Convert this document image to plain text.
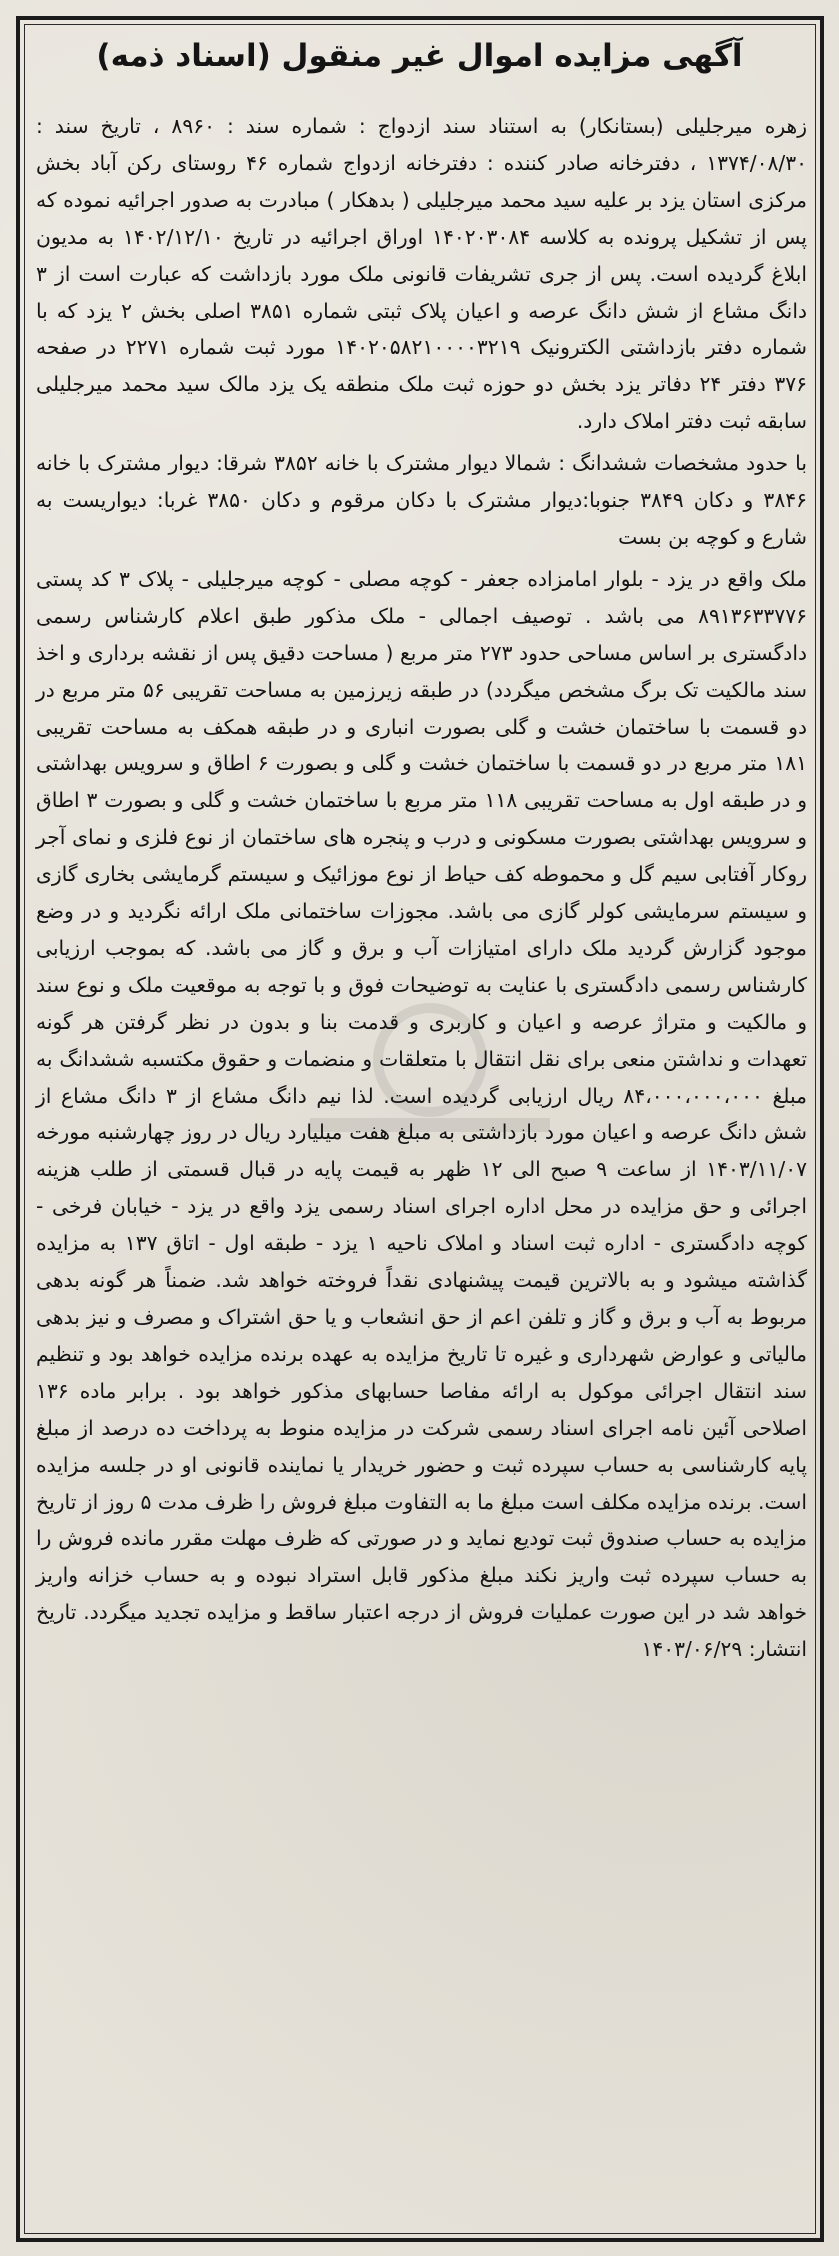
آگهی مزایده اموال غیر منقول (اسناد ذمه)

زهره میرجلیلی (بستانکار) به استناد سند ازدواج : شماره سند : ۸۹۶۰ ، تاریخ سند : ۱۳۷۴/۰۸/۳۰ ، دفترخانه صادر کننده : دفترخانه ازدواج شماره ۴۶ روستای رکن آباد بخش مرکزی استان یزد بر علیه سید محمد میرجلیلی ( بدهکار ) مبادرت به صدور اجرائیه نموده که پس از تشکیل پرونده به کلاسه ۱۴۰۲۰۳۰۸۴ اوراق اجرائیه در تاریخ ۱۴۰۲/۱۲/۱۰ به مدیون ابلاغ گردیده است. پس از جری تشریفات قانونی ملک مورد بازداشت که عبارت است از ۳ دانگ مشاع از شش دانگ عرصه و اعیان پلاک ثبتی شماره ۳۸۵۱ اصلی بخش ۲ یزد که با شماره دفتر بازداشتی الکترونیک ۱۴۰۲۰۵۸۲۱۰۰۰۰۳۲۱۹ مورد ثبت شماره ۲۲۷۱ در صفحه ۳۷۶ دفتر ۲۴ دفاتر یزد بخش دو حوزه ثبت ملک منطقه یک یزد مالک سید محمد میرجلیلی سابقه ثبت دفتر املاک دارد.

با حدود مشخصات ششدانگ : شمالا دیوار مشترک با خانه ۳۸۵۲ شرقا: دیوار مشترک با خانه ۳۸۴۶ و دکان ۳۸۴۹ جنوبا:دیوار مشترک با دکان مرقوم و دکان ۳۸۵۰ غربا: دیواریست به شارع و کوچه بن بست

ملک واقع در یزد - بلوار امامزاده جعفر - کوچه مصلی - کوچه میرجلیلی - پلاک ۳ کد پستی ۸۹۱۳۶۳۳۷۷۶ می باشد . توصیف اجمالی - ملک مذکور طبق اعلام کارشناس رسمی دادگستری بر اساس مساحی حدود ۲۷۳ متر مربع ( مساحت دقیق پس از نقشه برداری و اخذ سند مالکیت تک برگ مشخص میگردد) در طبقه زیرزمین به مساحت تقریبی ۵۶ متر مربع در دو قسمت با ساختمان خشت و گلی بصورت انباری و در طبقه همکف به مساحت تقریبی ۱۸۱ متر مربع در دو قسمت با ساختمان خشت و گلی و بصورت ۶ اطاق و سرویس بهداشتی و در طبقه اول به مساحت تقریبی ۱۱۸ متر مربع با ساختمان خشت و گلی و بصورت ۳ اطاق و سرویس بهداشتی بصورت مسکونی و درب و پنجره های ساختمان از نوع فلزی و نمای آجر روکار آفتابی سیم گل و محموطه کف حیاط از نوع موزائیک و سیستم گرمایشی بخاری گازی و سیستم سرمایشی کولر گازی می باشد. مجوزات ساختمانی ملک ارائه نگردید و در وضع موجود گزارش گردید ملک دارای امتیازات آب و برق و گاز می باشد. که بموجب ارزیابی کارشناس رسمی دادگستری با عنایت به توضیحات فوق و با توجه به موقعیت ملک و نوع سند و مالکیت و متراژ عرصه و اعیان و کاربری و قدمت بنا و بدون در نظر گرفتن هر گونه تعهدات و نداشتن منعی برای نقل انتقال با متعلقات و منضمات و حقوق مکتسبه ششدانگ به مبلغ ۸۴،۰۰۰،۰۰۰،۰۰۰ ریال ارزیابی گردیده است. لذا نیم دانگ مشاع از ۳ دانگ مشاع از شش دانگ عرصه و اعیان مورد بازداشتی به مبلغ هفت میلیارد ریال در روز چهارشنبه مورخه ۱۴۰۳/۱۱/۰۷ از ساعت ۹ صبح الی ۱۲ ظهر به قیمت پایه در قبال قسمتی از طلب هزینه اجرائی و حق مزایده در محل اداره اجرای اسناد رسمی یزد واقع در یزد - خیابان فرخی - کوچه دادگستری - اداره ثبت اسناد و املاک ناحیه ۱ یزد - طبقه اول - اتاق ۱۳۷ به مزایده گذاشته میشود و به بالاترین قیمت پیشنهادی نقداً فروخته خواهد شد. ضمناً هر گونه بدهی مربوط به آب و برق و گاز و تلفن اعم از حق انشعاب و یا حق اشتراک و مصرف و نیز بدهی مالیاتی و عوارض شهرداری و غیره تا تاریخ مزایده به عهده برنده مزایده خواهد بود و تنظیم سند انتقال اجرائی موکول به ارائه مفاصا حسابهای مذکور خواهد بود . برابر ماده ۱۳۶ اصلاحی آئین نامه اجرای اسناد رسمی شرکت در مزایده منوط به پرداخت ده درصد از مبلغ پایه کارشناسی به حساب سپرده ثبت و حضور خریدار یا نماینده قانونی او در جلسه مزایده است. برنده مزایده مکلف است مبلغ ما به التفاوت مبلغ فروش را ظرف مدت ۵ روز از تاریخ مزایده به حساب صندوق ثبت تودیع نماید و در صورتی که ظرف مهلت مقرر مانده فروش را به حساب سپرده ثبت واریز نکند مبلغ مذکور قابل استراد نبوده و به حساب خزانه واریز خواهد شد در این صورت عملیات فروش از درجه اعتبار ساقط و مزایده تجدید میگردد. تاریخ انتشار: ۱۴۰۳/۰۶/۲۹
